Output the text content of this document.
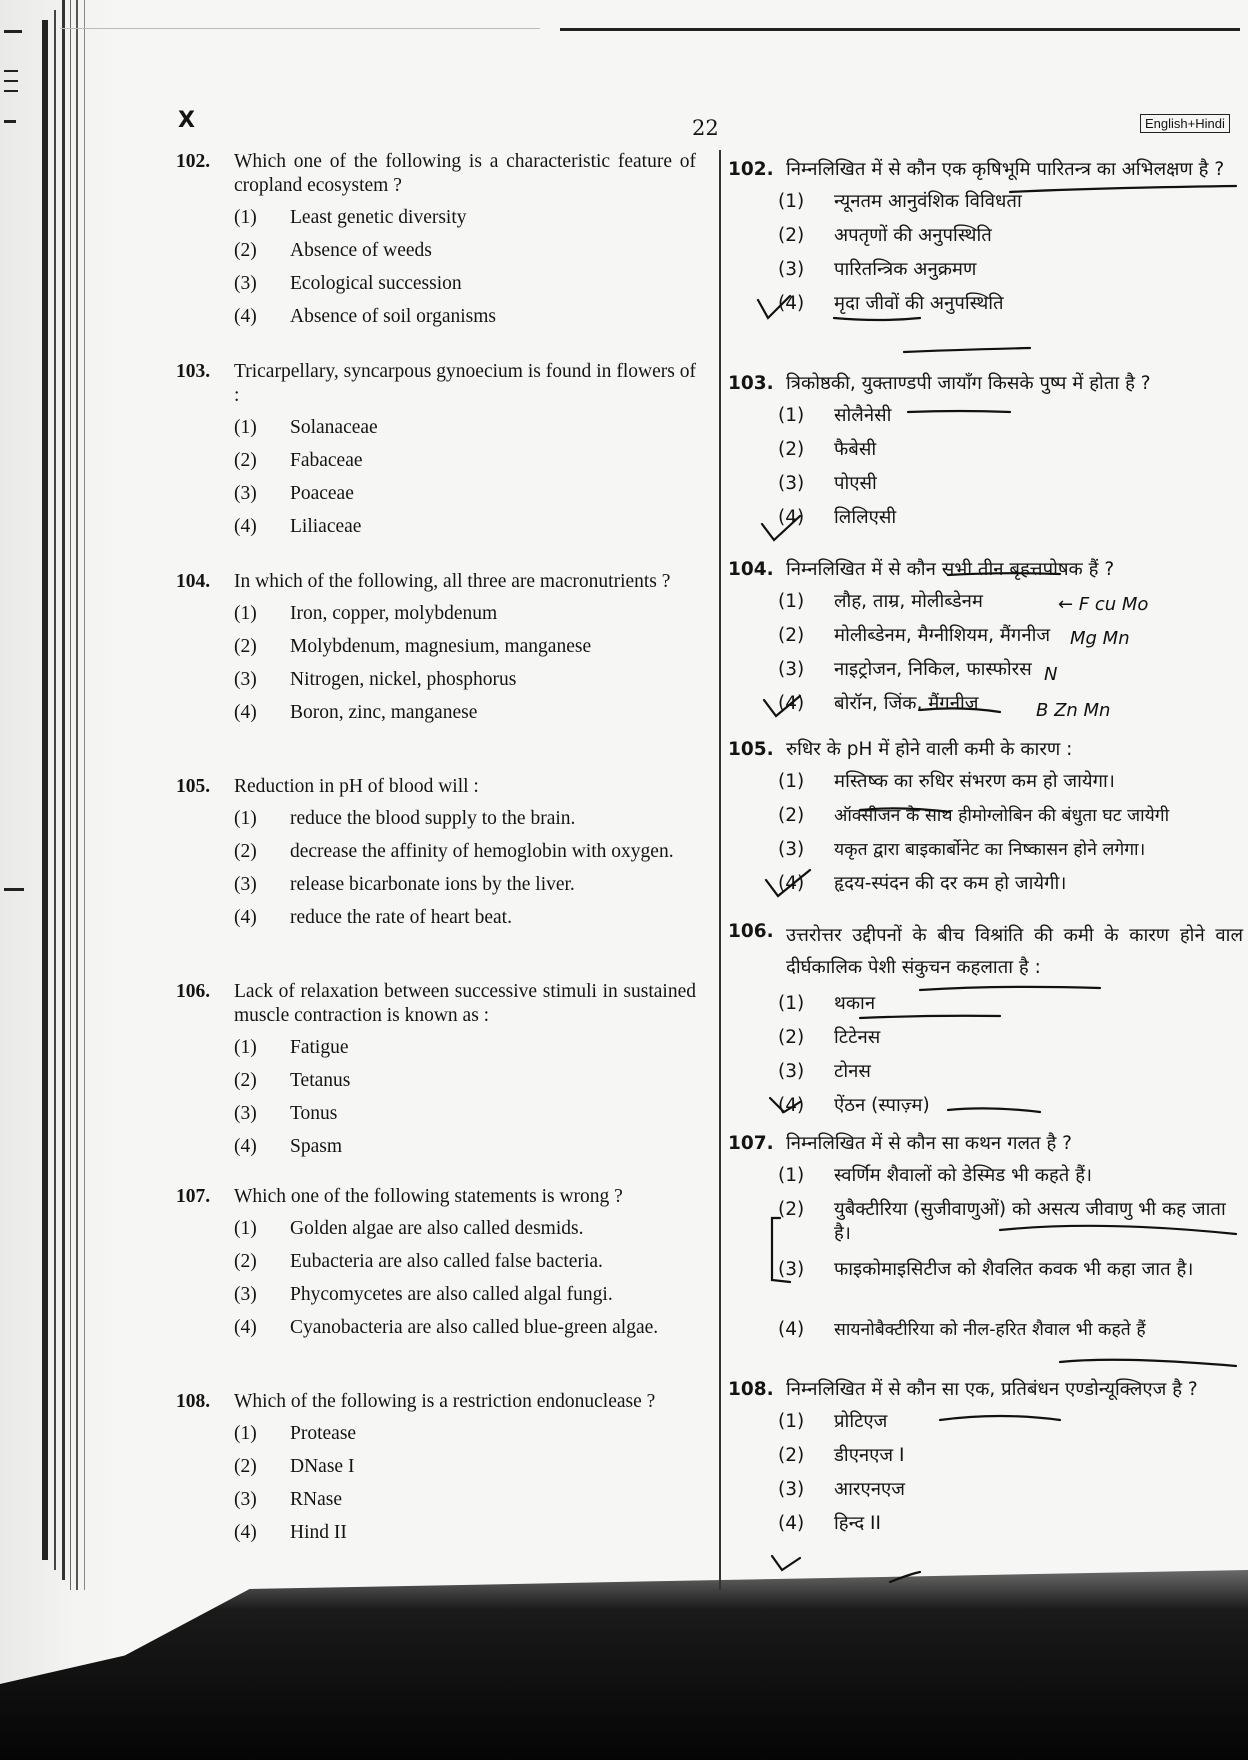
X	22	English+Hindi
102. Which one of the following is a characteristic feature of cropland ecosystem ?
(1)	Least genetic diversity
(2)	Absence of weeds
(3)	Ecological succession
(4)	Absence of soil organisms
103. Tricarpellary, syncarpous gynoecium is found in flowers of :
(1)	Solanaceae
(2)	Fabaceae
(3)	Poaceae
(4)	Liliaceae
104. In which of the following, all three are macronutrients ?
(1)	Iron, copper, molybdenum
(2)	Molybdenum, magnesium, manganese
(3)	Nitrogen, nickel, phosphorus
(4)	Boron, zinc, manganese
105. Reduction in pH of blood will :
(1)	reduce the blood supply to the brain.
(2)	decrease the affinity of hemoglobin with oxygen.
(3)	release bicarbonate ions by the liver.
(4)	reduce the rate of heart beat.
106. Lack of relaxation between successive stimuli in sustained muscle contraction is known as :
(1)	Fatigue
(2)	Tetanus
(3)	Tonus
(4)	Spasm
107. Which one of the following statements is wrong ?
(1)	Golden algae are also called desmids.
(2)	Eubacteria are also called false bacteria.
(3)	Phycomycetes are also called algal fungi.
(4)	Cyanobacteria are also called blue-green algae.
108. Which of the following is a restriction endonuclease ?
(1)	Protease
(2)	DNase I
(3)	RNase
(4)	Hind II
102. निम्नलिखित में से कौन एक कृषिभूमि पारितन्त्र का अभिलक्षण है ?
(1)	न्यूनतम आनुवंशिक विविधता
(2)	अपतृणों की अनुपस्थिति
(3)	पारितन्त्रिक अनुक्रमण
(4)	मृदा जीवों की अनुपस्थिति
103. त्रिकोष्ठकी, युक्ताण्डपी जायाँग किसके पुष्प में होता है ?
(1)	सोलैनेसी
(2)	फैबेसी
(3)	पोएसी
(4)	लिलिएसी
104. निम्नलिखित में से कौन सभी तीन बृहत्तपोषक हैं ?
(1)	लौह, ताम्र, मोलीब्डेनम
(2)	मोलीब्डेनम, मैग्नीशियम, मैंगनीज
(3)	नाइट्रोजन, निकिल, फास्फोरस
(4)	बोरॉन, जिंक, मैंगनीज
105. रुधिर के pH में होने वाली कमी के कारण :
(1)	मस्तिष्क का रुधिर संभरण कम हो जायेगा।
(2)	ऑक्सीजन के साथ हीमोग्लोबिन की बंधुता घट जायेगी
(3)	यकृत द्वारा बाइकार्बोनेट का निष्कासन होने लगेगा।
(4)	हृदय-स्पंदन की दर कम हो जायेगी।
106. उत्तरोत्तर उद्दीपनों के बीच विश्रांति की कमी के कारण होने वाल दीर्घकालिक पेशी संकुचन कहलाता है :
(1)	थकान
(2)	टिटेनस
(3)	टोनस
(4)	ऐंठन (स्पाज़्म)
107. निम्नलिखित में से कौन सा कथन गलत है ?
(1)	स्वर्णिम शैवालों को डेस्मिड भी कहते हैं।
(2)	युबैक्टीरिया (सुजीवाणुओं) को असत्य जीवाणु भी कह जाता है।
(3)	फाइकोमाइसिटीज को शैवलित कवक भी कहा जात है।
(4)	सायनोबैक्टीरिया को नील-हरित शैवाल भी कहते हैं
108. निम्नलिखित में से कौन सा एक, प्रतिबंधन एण्डोन्यूक्लिएज है ?
(1)	प्रोटिएज
(2)	डीएनएज I
(3)	आरएनएज
(4)	हिन्द II
← F cu Mo
Mg Mn
N
B Zn Mn
